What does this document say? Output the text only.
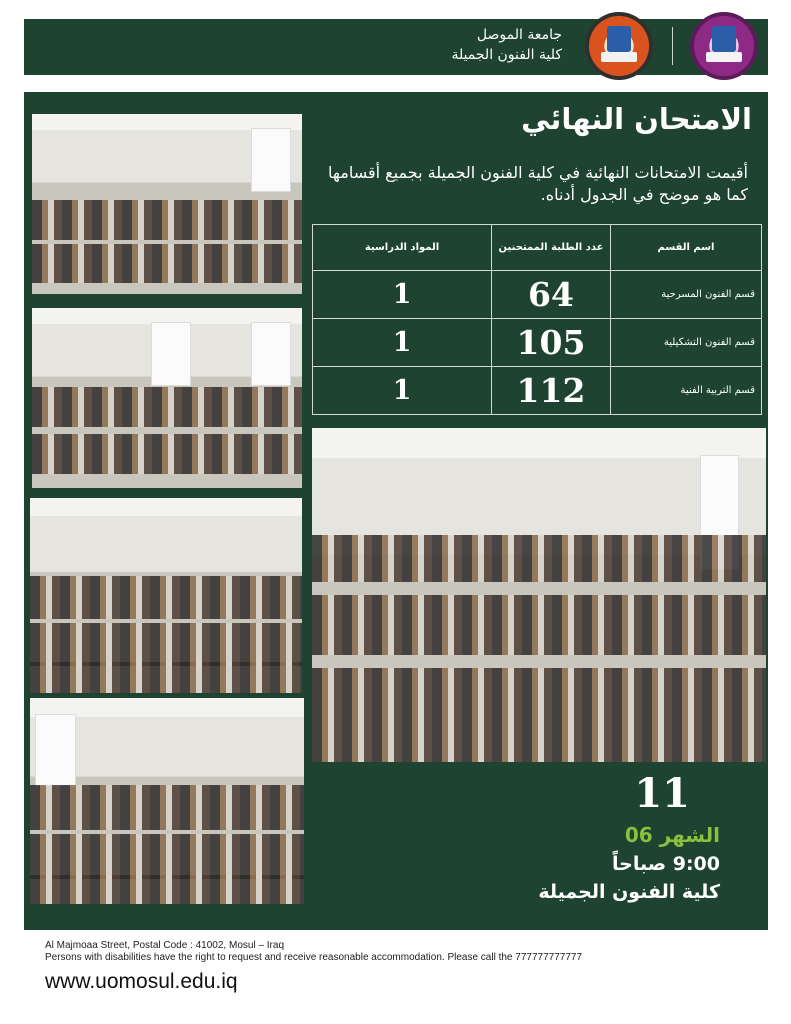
جامعة الموصل
كلية الفنون الجميلة
الامتحان النهائي
أقيمت الامتحانات النهائية في كلية الفنون الجميلة بجميع أقسامها كما هو موضح في الجدول أدناه.
اسم القسم	عدد الطلبة الممتحنين	المواد الدراسية
قسم الفنون المسرحية	64	1
قسم الفنون التشكيلية	105	1
قسم التربية الفنية	112	1
11
الشهر 06
9:00 صباحاً
كلية الفنون الجميلة
Al Majmoaa Street, Postal Code : 41002, Mosul – Iraq
Persons with disabilities have the right to request and receive reasonable accommodation. Please call the 777777777777
www.uomosul.edu.iq
